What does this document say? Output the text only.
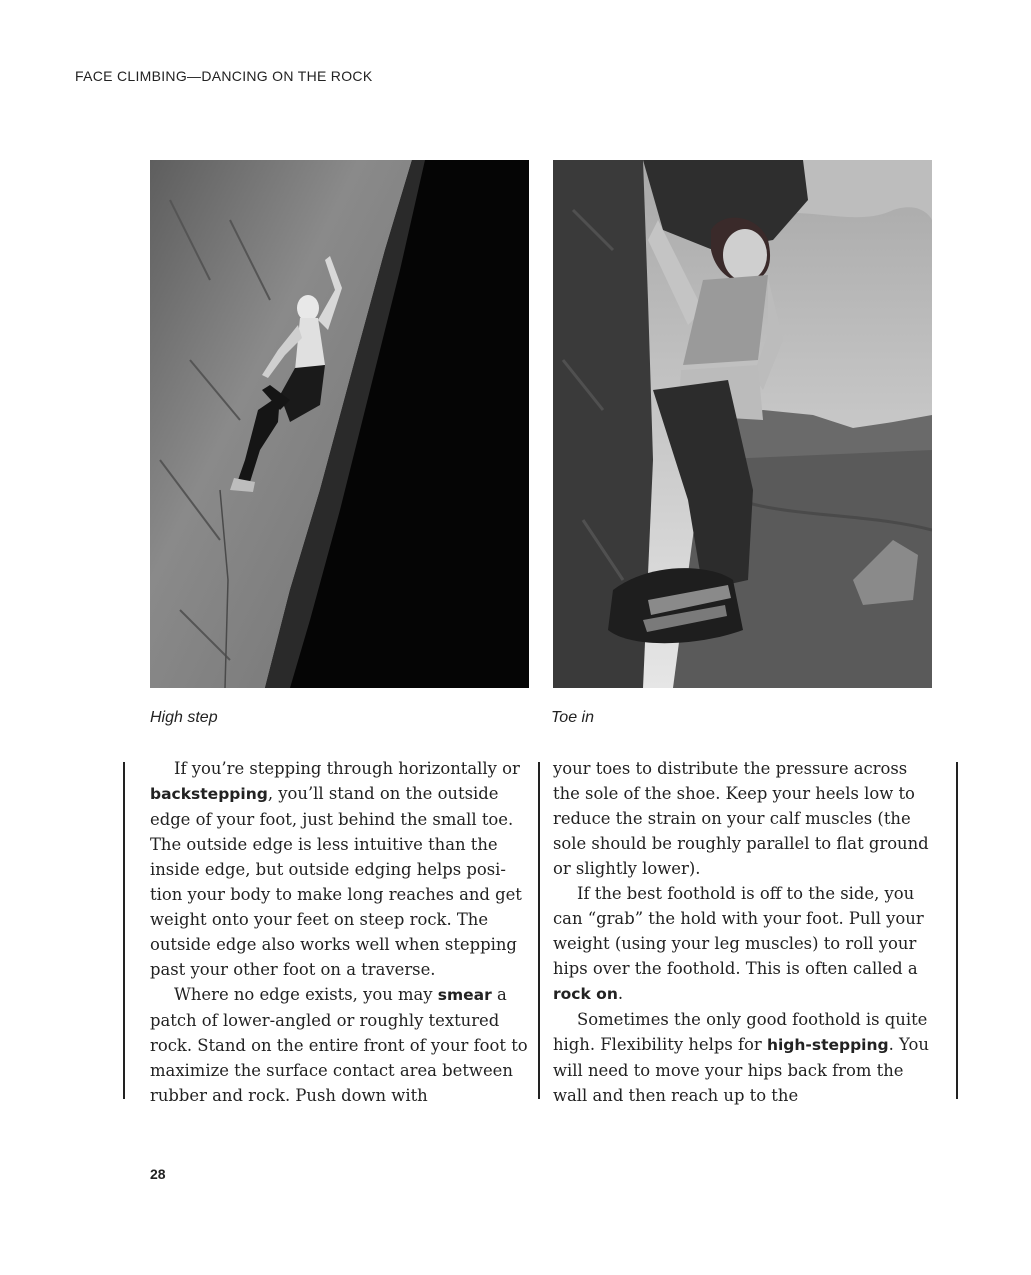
FACE CLIMBING—DANCING ON THE ROCK
High step	Toe in

If you’re stepping through horizontally or backstepping, you’ll stand on the outside edge of your foot, just behind the small toe. The outside edge is less intuitive than the inside edge, but outside edging helps posi-tion your body to make long reaches and get weight onto your feet on steep rock. The outside edge also works well when stepping past your other foot on a traverse.

Where no edge exists, you may smear a patch of lower-angled or roughly textured rock. Stand on the entire front of your foot to maximize the surface contact area between rubber and rock. Push down with

your toes to distribute the pressure across the sole of the shoe. Keep your heels low to reduce the strain on your calf muscles (the sole should be roughly parallel to flat ground or slightly lower).

If the best foothold is off to the side, you can “grab” the hold with your foot. Pull your weight (using your leg muscles) to roll your hips over the foothold. This is often called a rock on.

Sometimes the only good foothold is quite high. Flexibility helps for high-stepping. You will need to move your hips back from the wall and then reach up to the

28
